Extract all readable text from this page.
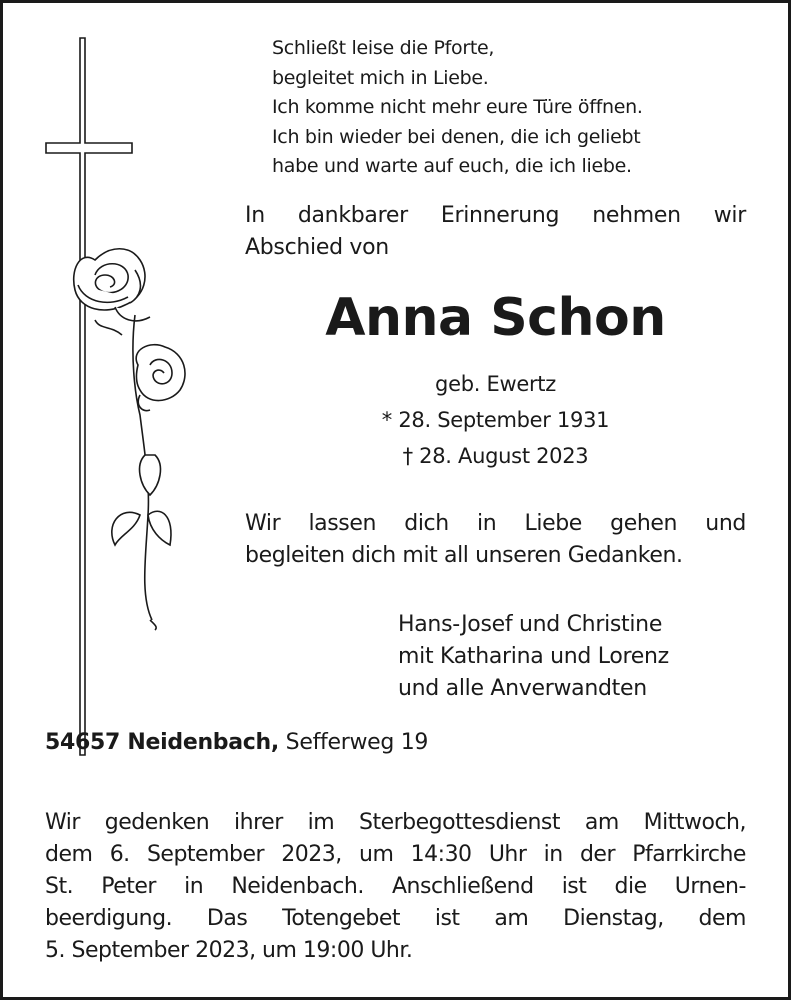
Schließt leise die Pforte,
begleitet mich in Liebe.
Ich komme nicht mehr eure Türe öffnen.
Ich bin wieder bei denen, die ich geliebt
habe und warte auf euch, die ich liebe.
In dankbarer Erinnerung nehmen wir
Abschied von
Anna Schon
geb. Ewertz
* 28. September 1931
† 28. August 2023
Wir lassen dich in Liebe gehen und
begleiten dich mit all unseren Gedanken.
Hans-Josef und Christine
mit Katharina und Lorenz
und alle Anverwandten
54657 Neidenbach, Sefferweg 19
Wir gedenken ihrer im Sterbegottesdienst am Mittwoch,
dem 6. September 2023, um 14:30 Uhr in der Pfarrkirche
St. Peter in Neidenbach. Anschließend ist die Urnen-
beerdigung. Das Totengebet ist am Dienstag, dem
5. September 2023, um 19:00 Uhr.
